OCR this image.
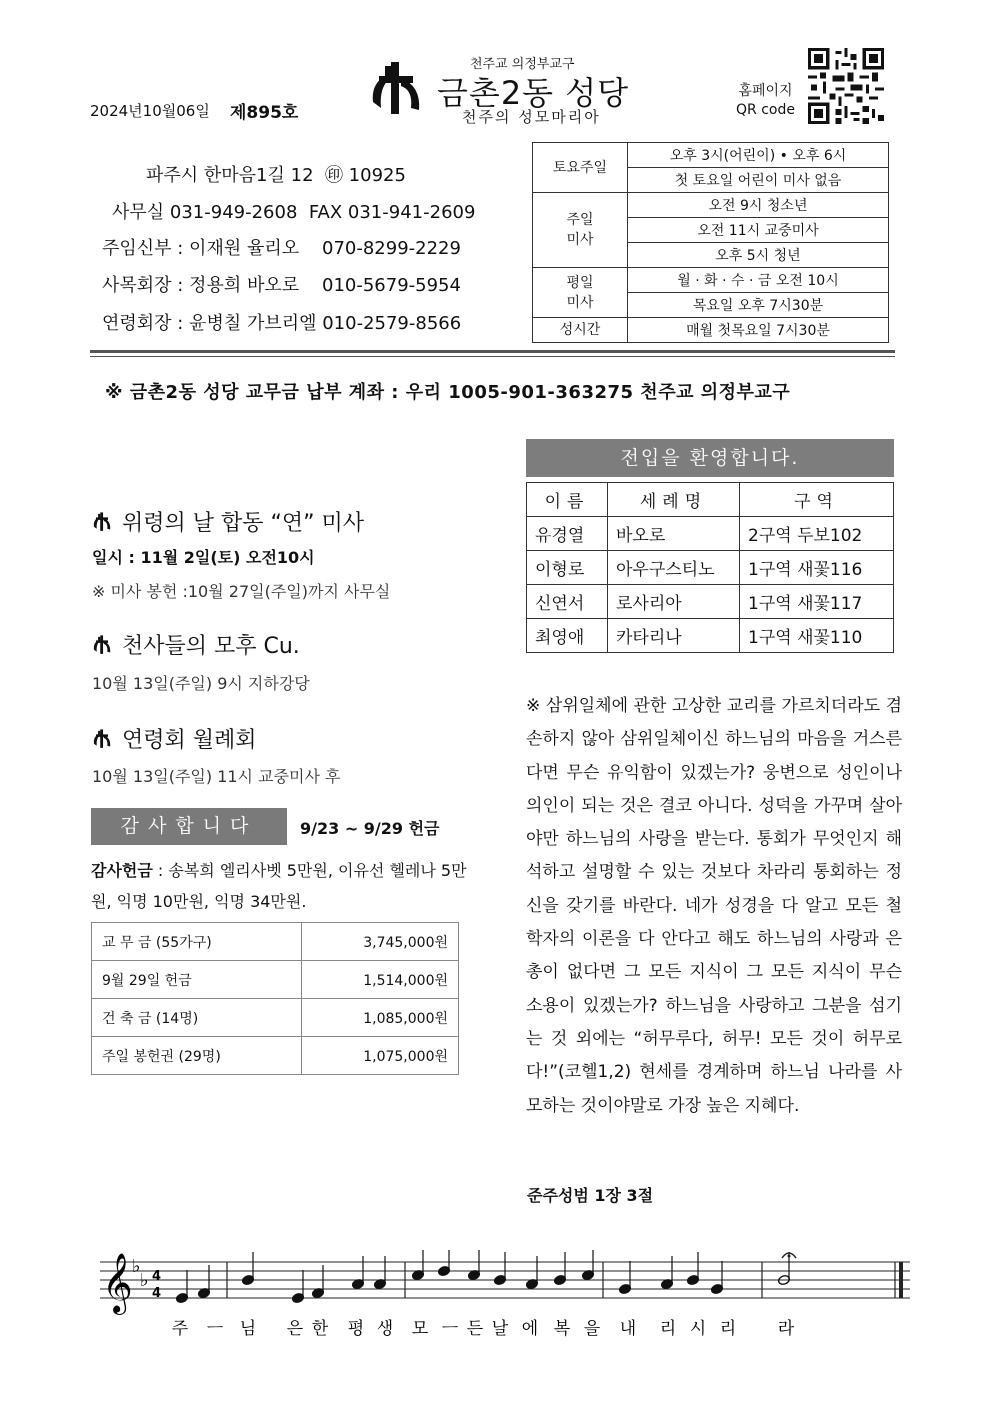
2024년10월06일 제895호
천주교 의정부교구
금촌2동 성당
천주의 성모마리아
홈페이지
QR code
파주시 한마음1길 12  ㊞ 10925
사무실 031-949-2608  FAX 031-941-2609
주임신부 : 이재원 율리오    070-8299-2229
사목회장 : 정용희 바오로    010-5679-5954
연령회장 : 윤병칠 가브리엘 010-2579-8566
토요주일	오후 3시(어린이) • 오후 6시
	첫 토요일 어린이 미사 없음
주일
미사	오전 9시 청소년
	오전 11시 교중미사
	오후 5시 청년
평일
미사	월 · 화 · 수 · 금 오전 10시
	목요일 오후 7시30분
성시간	매월 첫목요일 7시30분
※ 금촌2동 성당 교무금 납부 계좌 : 우리 1005-901-363275 천주교 의정부교구
위령의 날 합동 “연” 미사
일시 : 11월 2일(토) 오전10시
※ 미사 봉헌 :10월 27일(주일)까지 사무실
천사들의 모후 Cu.
10월 13일(주일) 9시 지하강당
연령회 월례회
10월 13일(주일) 11시 교중미사 후
감사합니다	9/23 ~ 9/29 헌금
감사헌금 : 송복희 엘리사벳 5만원, 이유선 헬레나 5만원, 익명 10만원, 익명 34만원.
교 무 금 (55가구)	3,745,000원
9월 29일 헌금	1,514,000원
건 축 금 (14명)	1,085,000원
주일 봉헌권 (29명)	1,075,000원
전입을 환영합니다.
이름	세례명	구역
유경열	바오로	2구역 두보102
이형로	아우구스티노	1구역 새꽃116
신연서	로사리아	1구역 새꽃117
최영애	카타리나	1구역 새꽃110
※ 삼위일체에 관한 고상한 교리를 가르치더라도 겸손하지 않아 삼위일체이신 하느님의 마음을 거스른다면 무슨 유익함이 있겠는가? 웅변으로 성인이나 의인이 되는 것은 결코 아니다. 성덕을 가꾸며 살아야만 하느님의 사랑을 받는다. 통회가 무엇인지 해석하고 설명할 수 있는 것보다 차라리 통회하는 정신을 갖기를 바란다. 네가 성경을 다 알고 모든 철학자의 이론을 다 안다고 해도 하느님의 사랑과 은총이 없다면 그 모든 지식이 그 모든 지식이 무슨 소용이 있겠는가? 하느님을 사랑하고 그분을 섬기는 것 외에는 “허무루다, 허무! 모든 것이 허무로다!”(코헬1,2) 현세를 경계하며 하느님 나라를 사모하는 것이야말로 가장 높은 지혜다.
준주성범 1장 3절
𝄞 ♭
♭ 4
4
주 ㅡ 님 은 한 평 생 모 ㅡ 든 날 에 복 을 내 리 시 리 라
